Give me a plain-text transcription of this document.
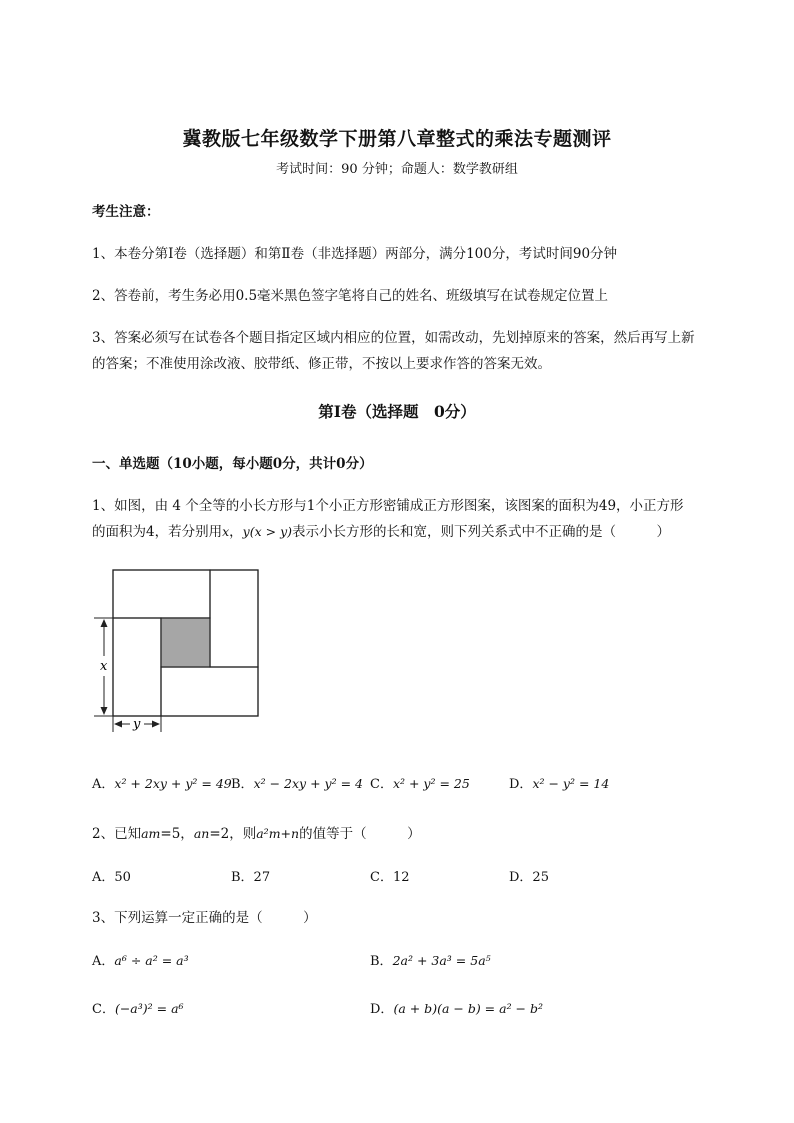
冀教版七年级数学下册第八章整式的乘法专题测评
考试时间：90 分钟；命题人：数学教研组
考生注意：
1、本卷分第Ⅰ卷（选择题）和第Ⅱ卷（非选择题）两部分，满分100分，考试时间90分钟
2、答卷前，考生务必用0.5毫米黑色签字笔将自己的姓名、班级填写在试卷规定位置上
3、答案必须写在试卷各个题目指定区域内相应的位置，如需改动，先划掉原来的答案，然后再写上新
的答案；不准使用涂改液、胶带纸、修正带，不按以上要求作答的答案无效。
第Ⅰ卷（选择题　0分）
一、单选题（10小题，每小题0分，共计0分）
1、如图，由 4 个全等的小长方形与1个小正方形密铺成正方形图案，该图案的面积为49，小正方形
的面积为4，若分别用x，y(x > y)表示小长方形的长和宽，则下列关系式中不正确的是（　　　）
x
y
A．x² + 2xy + y² = 49 B．x² − 2xy + y² = 4 C．x² + y² = 25	D．x² − y² = 14
2、已知am=5，an=2，则a²m+n的值等于（　　　）
A．50	B．27	C．12	D．25
3、下列运算一定正确的是（　　　）
A．a⁶ ÷ a² = a³	B．2a² + 3a³ = 5a⁵
C．(−a³)² = a⁶	D．(a + b)(a − b) = a² − b²
